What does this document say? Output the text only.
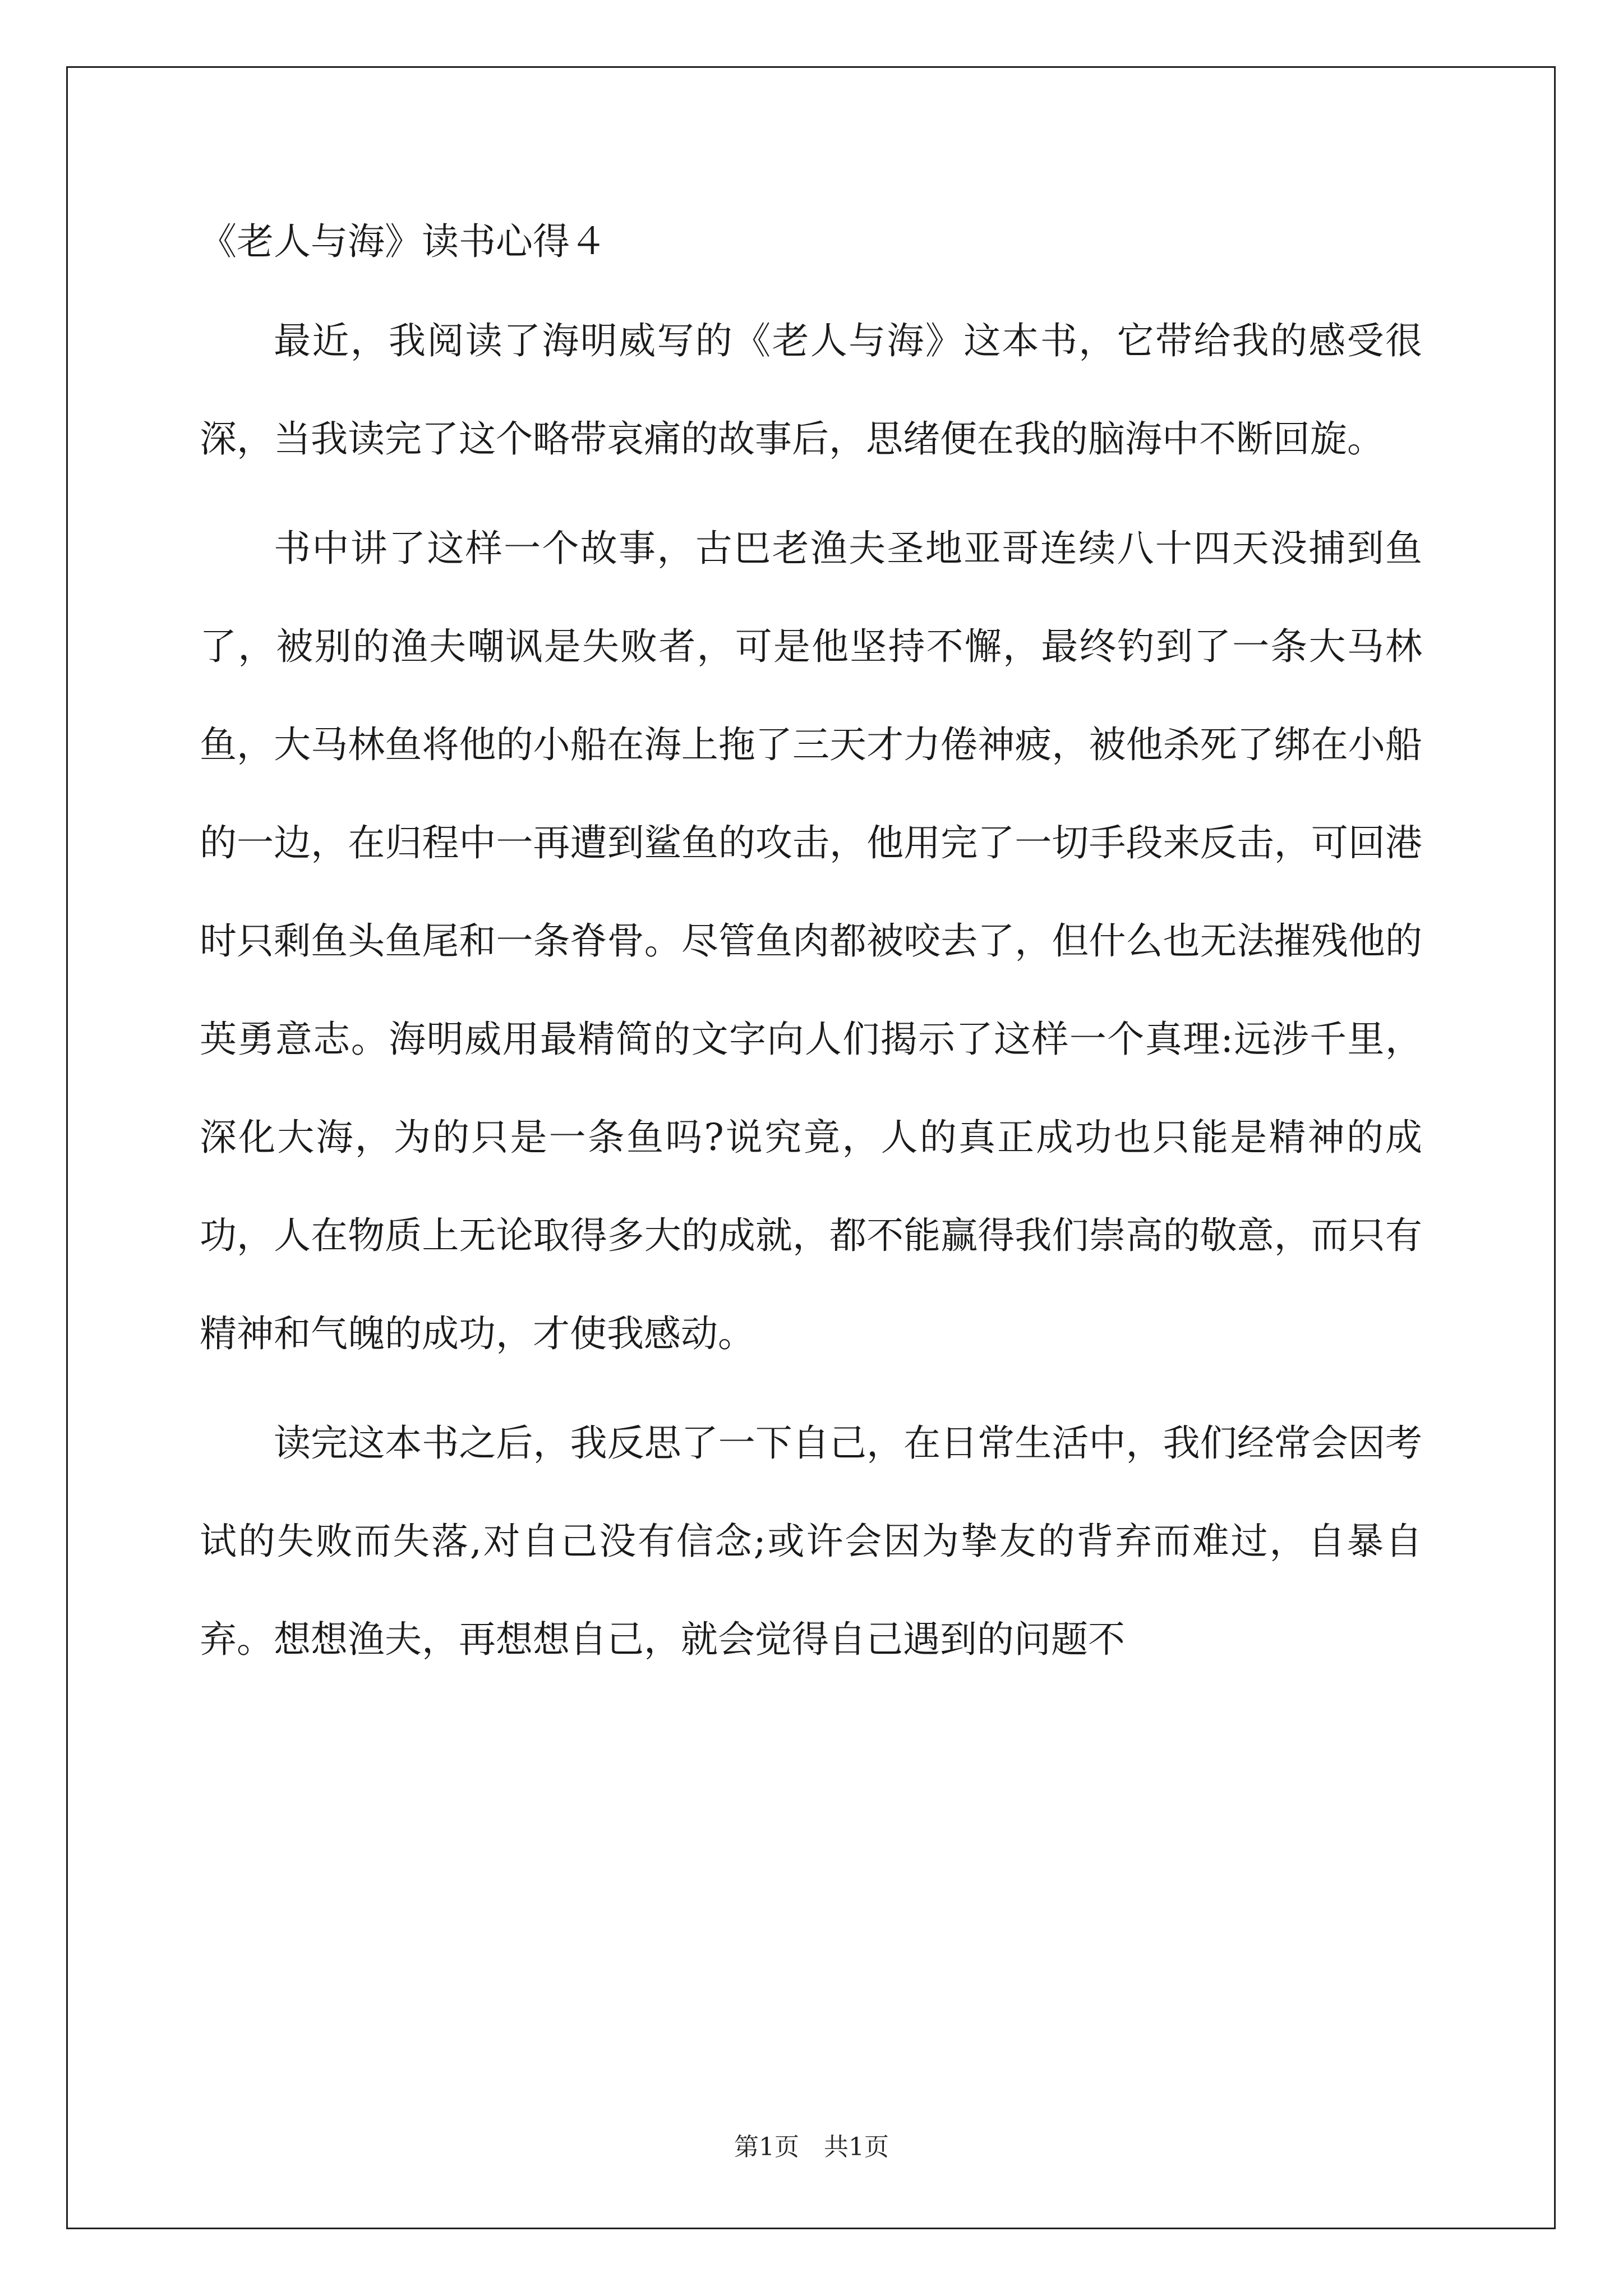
《老人与海》读书心得４

最近，我阅读了海明威写的《老人与海》这本书，它带给我的感受很深，当我读完了这个略带哀痛的故事后，思绪便在我的脑海中不断回旋。

书中讲了这样一个故事，古巴老渔夫圣地亚哥连续八十四天没捕到鱼了，被别的渔夫嘲讽是失败者，可是他坚持不懈，最终钓到了一条大马林鱼，大马林鱼将他的小船在海上拖了三天才力倦神疲，被他杀死了绑在小船的一边，在归程中一再遭到鲨鱼的攻击，他用完了一切手段来反击，可回港时只剩鱼头鱼尾和一条脊骨。尽管鱼肉都被咬去了，但什么也无法摧残他的英勇意志。海明威用最精简的文字向人们揭示了这样一个真理:远涉千里，深化大海，为的只是一条鱼吗?说究竟，人的真正成功也只能是精神的成功，人在物质上无论取得多大的成就，都不能赢得我们崇高的敬意，而只有精神和气魄的成功，才使我感动。

读完这本书之后，我反思了一下自己，在日常生活中，我们经常会因考试的失败而失落,对自己没有信念;或许会因为挚友的背弃而难过，自暴自弃。想想渔夫，再想想自己，就会觉得自己遇到的问题不

第1页　共1页
